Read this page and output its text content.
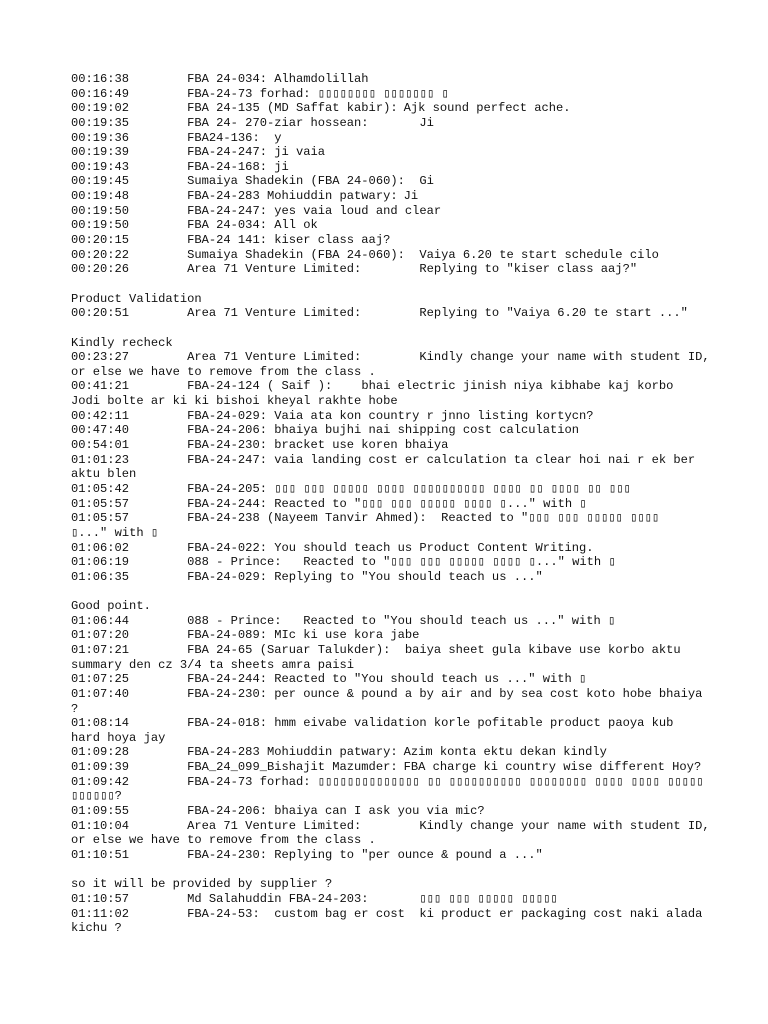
00:16:38	FBA 24-034: Alhamdolillah
00:16:49	FBA-24-73 forhad: ▯▯▯▯▯▯▯▯ ▯▯▯▯▯▯▯ ▯
00:19:02	FBA 24-135 (MD Saffat kabir): Ajk sound perfect ache.
00:19:35	FBA 24- 270-ziar hossean:	Ji
00:19:36	FBA24-136:  y
00:19:39	FBA-24-247: ji vaia
00:19:43	FBA-24-168: ji
00:19:45	Sumaiya Shadekin (FBA 24-060):	Gi
00:19:48	FBA-24-283 Mohiuddin patwary: Ji
00:19:50	FBA-24-247: yes vaia loud and clear
00:19:50	FBA 24-034: All ok
00:20:15	FBA-24 141: kiser class aaj?
00:20:22	Sumaiya Shadekin (FBA 24-060):	Vaiya 6.20 te start schedule cilo
00:20:26	Area 71 Venture Limited:	Replying to "kiser class aaj?"
Product Validation
00:20:51	Area 71 Venture Limited:	Replying to "Vaiya 6.20 te start ..."
Kindly recheck
00:23:27	Area 71 Venture Limited:	Kindly change your name with student ID,
or else we have to remove from the class .
00:41:21	FBA-24-124 ( Saif ):	bhai electric jinish niya kibhabe kaj korbo
Jodi bolte ar ki ki bishoi kheyal rakhte hobe
00:42:11	FBA-24-029: Vaia ata kon country r jnno listing kortycn?
00:47:40	FBA-24-206: bhaiya bujhi nai shipping cost calculation
00:54:01	FBA-24-230: bracket use koren bhaiya
01:01:23	FBA-24-247: vaia landing cost er calculation ta clear hoi nai r ek ber
aktu blen
01:05:42	FBA-24-205: ▯▯▯ ▯▯▯ ▯▯▯▯▯ ▯▯▯▯ ▯▯▯▯▯▯▯▯▯▯ ▯▯▯▯ ▯▯ ▯▯▯▯ ▯▯ ▯▯▯
01:05:57	FBA-24-244: Reacted to "▯▯▯ ▯▯▯ ▯▯▯▯▯ ▯▯▯▯ ▯..." with ▯
01:05:57	FBA-24-238 (Nayeem Tanvir Ahmed):  Reacted to "▯▯▯ ▯▯▯ ▯▯▯▯▯ ▯▯▯▯
▯..." with ▯
01:06:02	FBA-24-022: You should teach us Product Content Writing.
01:06:19	088 - Prince:	Reacted to "▯▯▯ ▯▯▯ ▯▯▯▯▯ ▯▯▯▯ ▯..." with ▯
01:06:35	FBA-24-029: Replying to "You should teach us ..."
Good point.
01:06:44	088 - Prince:	Reacted to "You should teach us ..." with ▯
01:07:20	FBA-24-089: MIc ki use kora jabe
01:07:21	FBA 24-65 (Saruar Talukder):  baiya sheet gula kibave use korbo aktu
summary den cz 3/4 ta sheets amra paisi
01:07:25	FBA-24-244: Reacted to "You should teach us ..." with ▯
01:07:40	FBA-24-230: per ounce & pound a by air and by sea cost koto hobe bhaiya
?
01:08:14	FBA-24-018: hmm eivabe validation korle pofitable product paoya kub
hard hoya jay
01:09:28	FBA-24-283 Mohiuddin patwary: Azim konta ektu dekan kindly
01:09:39	FBA_24_099_Bishajit Mazumder: FBA charge ki country wise different Hoy?
01:09:42	FBA-24-73 forhad: ▯▯▯▯▯▯▯▯▯▯▯▯▯▯ ▯▯ ▯▯▯▯▯▯▯▯▯▯ ▯▯▯▯▯▯▯▯ ▯▯▯▯ ▯▯▯▯ ▯▯▯▯▯
▯▯▯▯▯▯?
01:09:55	FBA-24-206: bhaiya can I ask you via mic?
01:10:04	Area 71 Venture Limited:	Kindly change your name with student ID,
or else we have to remove from the class .
01:10:51	FBA-24-230: Replying to "per ounce & pound a ..."
so it will be provided by supplier ?
01:10:57	Md Salahuddin FBA-24-203:	▯▯▯ ▯▯▯ ▯▯▯▯▯ ▯▯▯▯▯
01:11:02	FBA-24-53:  custom bag er cost  ki product er packaging cost naki alada
kichu ?
